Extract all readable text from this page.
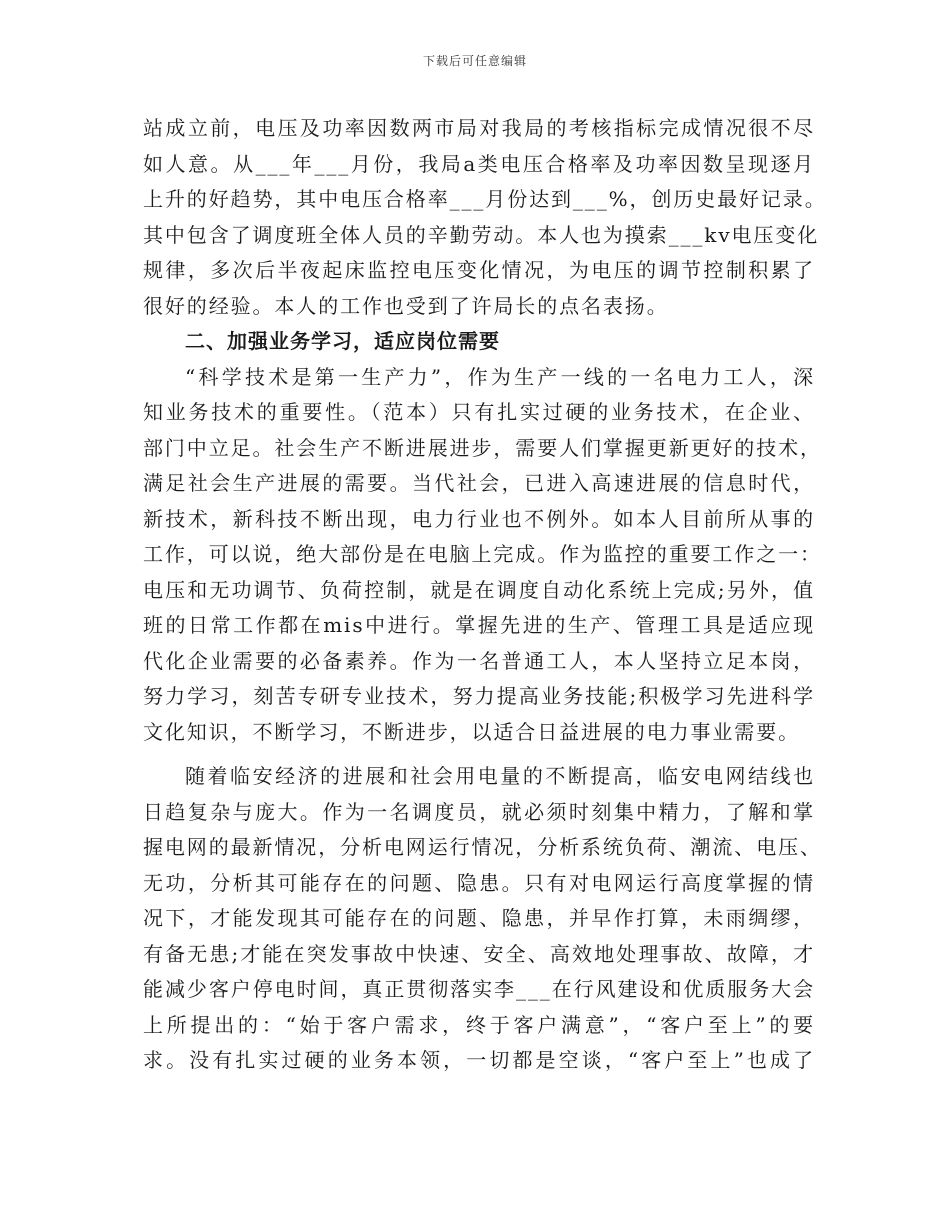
下载后可任意编辑
站成立前，电压及功率因数两市局对我局的考核指标完成情况很不尽
如人意。从___年___月份，我局a类电压合格率及功率因数呈现逐月
上升的好趋势，其中电压合格率___月份达到___%，创历史最好记录。
其中包含了调度班全体人员的辛勤劳动。本人也为摸索___kv电压变化
规律，多次后半夜起床监控电压变化情况，为电压的调节控制积累了
很好的经验。本人的工作也受到了许局长的点名表扬。
二、加强业务学习，适应岗位需要
“科学技术是第一生产力”，作为生产一线的一名电力工人，深
知业务技术的重要性。（范本）只有扎实过硬的业务技术，在企业、
部门中立足。社会生产不断进展进步，需要人们掌握更新更好的技术，
满足社会生产进展的需要。当代社会，已进入高速进展的信息时代，
新技术，新科技不断出现，电力行业也不例外。如本人目前所从事的
工作，可以说，绝大部份是在电脑上完成。作为监控的重要工作之一：
电压和无功调节、负荷控制，就是在调度自动化系统上完成;另外，值
班的日常工作都在mis中进行。掌握先进的生产、管理工具是适应现
代化企业需要的必备素养。作为一名普通工人，本人坚持立足本岗，
努力学习，刻苦专研专业技术，努力提高业务技能;积极学习先进科学
文化知识，不断学习，不断进步，以适合日益进展的电力事业需要。
随着临安经济的进展和社会用电量的不断提高，临安电网结线也
日趋复杂与庞大。作为一名调度员，就必须时刻集中精力，了解和掌
握电网的最新情况，分析电网运行情况，分析系统负荷、潮流、电压、
无功，分析其可能存在的问题、隐患。只有对电网运行高度掌握的情
况下，才能发现其可能存在的问题、隐患，并早作打算，未雨绸缪，
有备无患;才能在突发事故中快速、安全、高效地处理事故、故障，才
能减少客户停电时间，真正贯彻落实李___在行风建设和优质服务大会
上所提出的：“始于客户需求，终于客户满意”，“客户至上”的要
求。没有扎实过硬的业务本领，一切都是空谈，“客户至上”也成了
